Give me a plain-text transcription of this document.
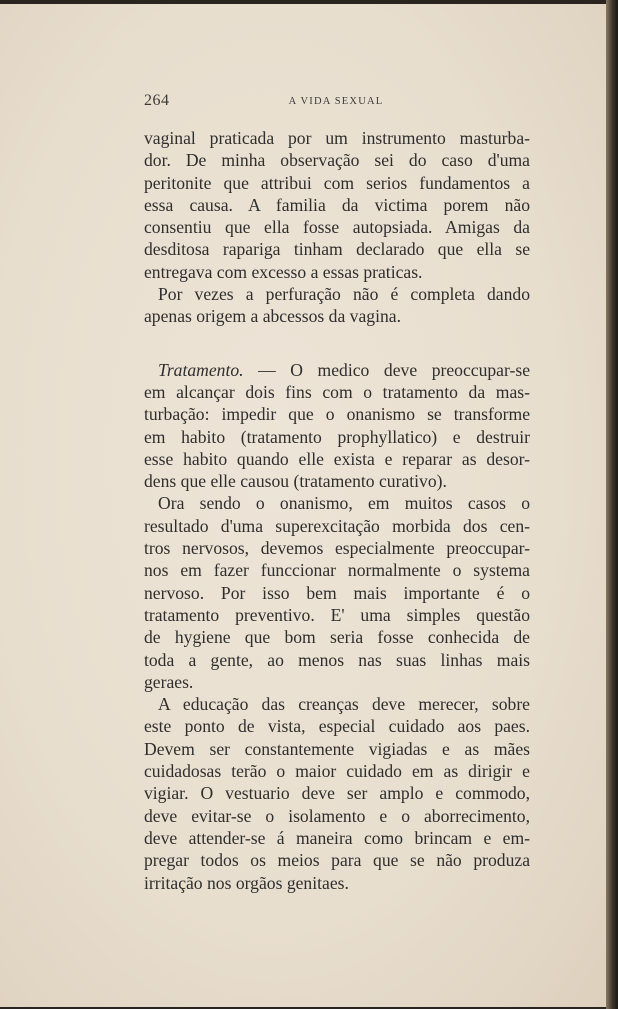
264	A VIDA SEXUAL
vaginal praticada por um instrumento masturba-
dor. De minha observação sei do caso d'uma
peritonite que attribui com serios fundamentos a
essa causa. A familia da victima porem não
consentiu que ella fosse autopsiada. Amigas da
desditosa rapariga tinham declarado que ella se
entregava com excesso a essas praticas.
Por vezes a perfuração não é completa dando
apenas origem a abcessos da vagina.
Tratamento. — O medico deve preoccupar-se
em alcançar dois fins com o tratamento da mas-
turbação: impedir que o onanismo se transforme
em habito (tratamento prophyllatico) e destruir
esse habito quando elle exista e reparar as desor-
dens que elle causou (tratamento curativo).
Ora sendo o onanismo, em muitos casos o
resultado d'uma superexcitação morbida dos cen-
tros nervosos, devemos especialmente preoccupar-
nos em fazer funccionar normalmente o systema
nervoso. Por isso bem mais importante é o
tratamento preventivo. E' uma simples questão
de hygiene que bom seria fosse conhecida de
toda a gente, ao menos nas suas linhas mais
geraes.
A educação das creanças deve merecer, sobre
este ponto de vista, especial cuidado aos paes.
Devem ser constantemente vigiadas e as mães
cuidadosas terão o maior cuidado em as dirigir e
vigiar. O vestuario deve ser amplo e commodo,
deve evitar-se o isolamento e o aborrecimento,
deve attender-se á maneira como brincam e em-
pregar todos os meios para que se não produza
irritação nos orgãos genitaes.
